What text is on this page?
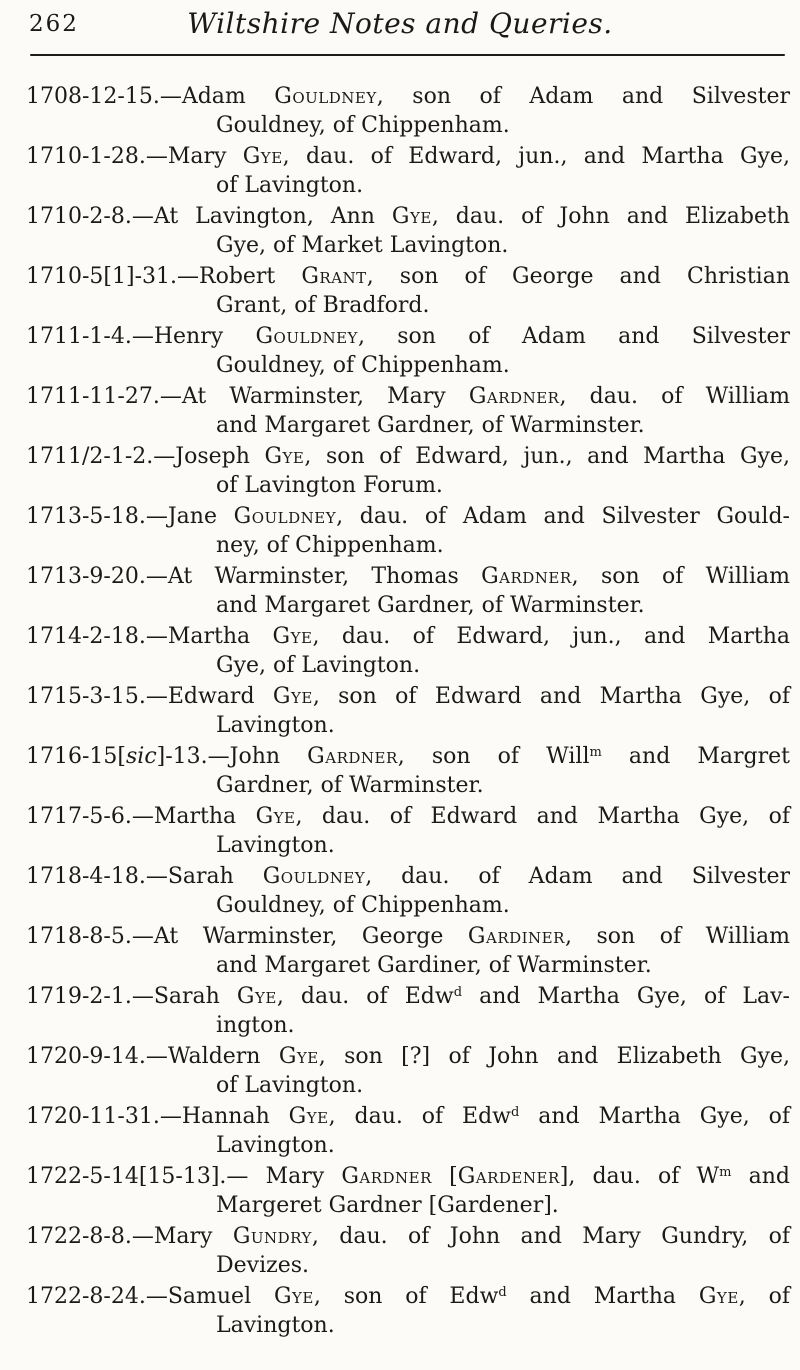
262	Wiltshire Notes and Queries.
1708-12-15.—Adam Gouldney, son of Adam and Silvester
Gouldney, of Chippenham.
1710-1-28.—Mary Gye, dau. of Edward, jun., and Martha Gye,
of Lavington.
1710-2-8.—At Lavington, Ann Gye, dau. of John and Elizabeth
Gye, of Market Lavington.
1710-5[1]-31.—Robert Grant, son of George and Christian
Grant, of Bradford.
1711-1-4.—Henry Gouldney, son of Adam and Silvester
Gouldney, of Chippenham.
1711-11-27.—At Warminster, Mary Gardner, dau. of William
and Margaret Gardner, of Warminster.
1711/2-1-2.—Joseph Gye, son of Edward, jun., and Martha Gye,
of Lavington Forum.
1713-5-18.—Jane Gouldney, dau. of Adam and Silvester Gould-
ney, of Chippenham.
1713-9-20.—At Warminster, Thomas Gardner, son of William
and Margaret Gardner, of Warminster.
1714-2-18.—Martha Gye, dau. of Edward, jun., and Martha
Gye, of Lavington.
1715-3-15.—Edward Gye, son of Edward and Martha Gye, of
Lavington.
1716-15[sic]-13.—John Gardner, son of Will$^m$ and Margret
Gardner, of Warminster.
1717-5-6.—Martha Gye, dau. of Edward and Martha Gye, of
Lavington.
1718-4-18.—Sarah Gouldney, dau. of Adam and Silvester
Gouldney, of Chippenham.
1718-8-5.—At Warminster, George Gardiner, son of William
and Margaret Gardiner, of Warminster.
1719-2-1.—Sarah Gye, dau. of Edw$^d$ and Martha Gye, of Lav-
ington.
1720-9-14.—Waldern Gye, son [?] of John and Elizabeth Gye,
of Lavington.
1720-11-31.—Hannah Gye, dau. of Edw$^d$ and Martha Gye, of
Lavington.
1722-5-14[15-13].— Mary Gardner [Gardener], dau. of $W^m$ and
Margeret Gardner [Gardener].
1722-8-8.—Mary Gundry, dau. of John and Mary Gundry, of
Devizes.
1722-8-24.—Samuel Gye, son of Edw$^d$ and Martha Gye, of
Lavington.
